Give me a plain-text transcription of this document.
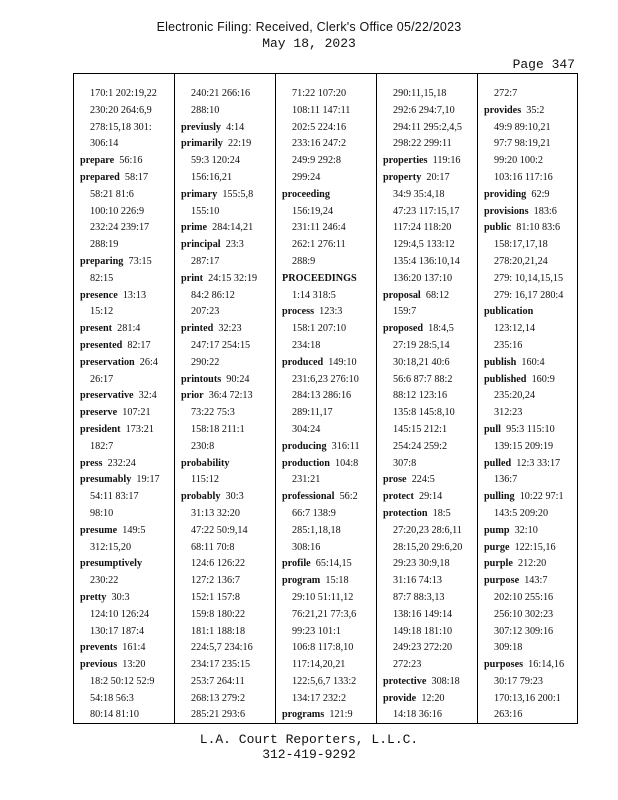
Electronic Filing: Received, Clerk's Office 05/22/2023
May 18, 2023
Page 347
170:1 202:19,22
230:20 264:6,9
278:15,18 301:
306:14
prepare 56:16
prepared 58:17
58:21 81:6
100:10 226:9
232:24 239:17
288:19
preparing 73:15
82:15
presence 13:13
15:12
present 281:4
presented 82:17
preservation 26:4
26:17
preservative 32:4
preserve 107:21
president 173:21
182:7
press 232:24
presumably 19:17
54:11 83:17
98:10
presume 149:5
312:15,20
presumptively
230:22
pretty 30:3
124:10 126:24
130:17 187:4
prevents 161:4
previous 13:20
18:2 50:12 52:9
54:18 56:3
80:14 81:10

240:21 266:16
288:10
previusly 4:14
primarily 22:19
59:3 120:24
156:16,21
primary 155:5,8
155:10
prime 284:14,21
principal 23:3
287:17
print 24:15 32:19
84:2 86:12
207:23
printed 32:23
247:17 254:15
290:22
printouts 90:24
prior 36:4 72:13
73:22 75:3
158:18 211:1
230:8
probability
115:12
probably 30:3
31:13 32:20
47:22 50:9,14
68:11 70:8
124:6 126:22
127:2 136:7
152:1 157:8
159:8 180:22
181:1 188:18
224:5,7 234:16
234:17 235:15
253:7 264:11
268:13 279:2
285:21 293:6

71:22 107:20
108:11 147:11
202:5 224:16
233:16 247:2
249:9 292:8
299:24
proceeding
156:19,24
231:11 246:4
262:1 276:11
288:9
PROCEEDINGS
1:14 318:5
process 123:3
158:1 207:10
234:18
produced 149:10
231:6,23 276:10
284:13 286:16
289:11,17
304:24
producing 316:11
production 104:8
231:21
professional 56:2
66:7 138:9
285:1,18,18
308:16
profile 65:14,15
program 15:18
29:10 51:11,12
76:21,21 77:3,6
99:23 101:1
106:8 117:8,10
117:14,20,21
122:5,6,7 133:2
134:17 232:2
programs 121:9

290:11,15,18
292:6 294:7,10
294:11 295:2,4,5
298:22 299:11
properties 119:16
property 20:17
34:9 35:4,18
47:23 117:15,17
117:24 118:20
129:4,5 133:12
135:4 136:10,14
136:20 137:10
proposal 68:12
159:7
proposed 18:4,5
27:19 28:5,14
30:18,21 40:6
56:6 87:7 88:2
88:12 123:16
135:8 145:8,10
145:15 212:1
254:24 259:2
307:8
prose 224:5
protect 29:14
protection 18:5
27:20,23 28:6,11
28:15,20 29:6,20
29:23 30:9,18
31:16 74:13
87:7 88:3,13
138:16 149:14
149:18 181:10
249:23 272:20
272:23
protective 308:18
provide 12:20
14:18 36:16

272:7
provides 35:2
49:9 89:10,21
97:7 98:19,21
99:20 100:2
103:16 117:16
providing 62:9
provisions 183:6
public 81:10 83:6
158:17,17,18
278:20,21,24
279: 10,14,15,15
279: 16,17 280:4
publication
123:12,14
235:16
publish 160:4
published 160:9
235:20,24
312:23
pull 95:3 115:10
139:15 209:19
pulled 12:3 33:17
136:7
pulling 10:22 97:1
143:5 209:20
pump 32:10
purge 122:15,16
purple 212:20
purpose 143:7
202:10 255:16
256:10 302:23
307:12 309:16
309:18
purposes 16:14,16
30:17 79:23
170:13,16 200:1
263:16

L.A. Court Reporters, L.L.C.
312-419-9292
